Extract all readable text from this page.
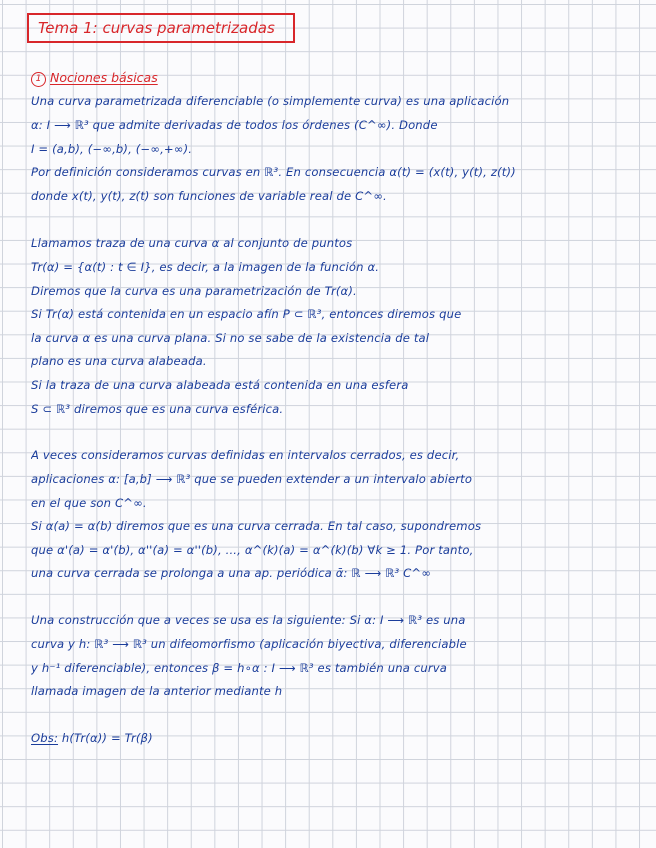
Tema 1: curvas parametrizadas
1 Nociones básicas
Una curva parametrizada diferenciable (o simplemente curva) es una aplicación
α: I ⟶ ℝ³ que admite derivadas de todos los órdenes (C^∞). Donde
I = (a,b), (−∞,b), (−∞,+∞).
Por definición consideramos curvas en ℝ³. En consecuencia α(t) = (x(t), y(t), z(t))
donde x(t), y(t), z(t) son funciones de variable real de C^∞.
Llamamos traza de una curva α al conjunto de puntos
Tr(α) = {α(t) : t ∈ I}, es decir, a la imagen de la función α.
Diremos que la curva es una parametrización de Tr(α).
Si Tr(α) está contenida en un espacio afín P ⊂ ℝ³, entonces diremos que
la curva α es una curva plana. Si no se sabe de la existencia de tal
plano es una curva alabeada.
Si la traza de una curva alabeada está contenida en una esfera
S ⊂ ℝ³ diremos que es una curva esférica.
A veces consideramos curvas definidas en intervalos cerrados, es decir,
aplicaciones α: [a,b] ⟶ ℝ³ que se pueden extender a un intervalo abierto
en el que son C^∞.
Si α(a) = α(b) diremos que es una curva cerrada. En tal caso, supondremos
que α'(a) = α'(b), α''(a) = α''(b), ..., α^(k)(a) = α^(k)(b) ∀k ≥ 1. Por tanto,
una curva cerrada se prolonga a una ap. periódica ᾱ: ℝ ⟶ ℝ³ C^∞
Una construcción que a veces se usa es la siguiente: Si α: I ⟶ ℝ³ es una
curva y h: ℝ³ ⟶ ℝ³ un difeomorfismo (aplicación biyectiva, diferenciable
y h⁻¹ diferenciable), entonces β = h∘α : I ⟶ ℝ³ es también una curva
llamada imagen de la anterior mediante h
Obs: h(Tr(α)) = Tr(β)
